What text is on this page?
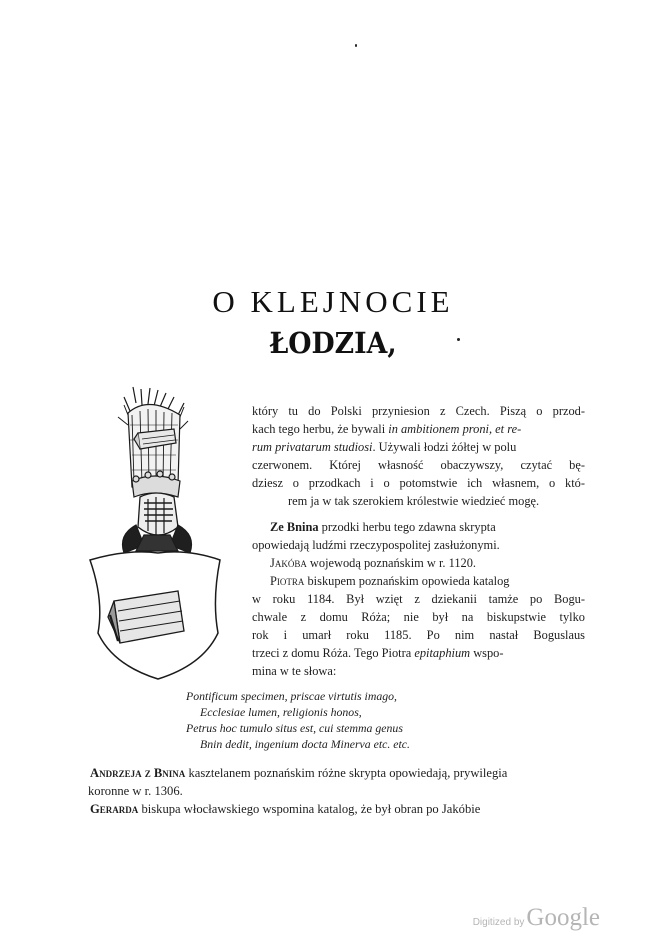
O KLEJNOCIE
ŁODZIA,
który tu do Polski przyniesion z Czech. Piszą o przod-
kach tego herbu, że bywali in ambitionem proni, et re-
rum privatarum studiosi. Używali łodzi żółtej w polu
czerwonem. Której własność obaczywszy, czytać bę-
dziesz o przodkach i o potomstwie ich własnem, o któ-
rem ja w tak szerokiem królestwie wiedzieć mogę.
Ze Bnina przodki herbu tego zdawna skrypta
opowiedają ludźmi rzeczypospolitej zasłużonymi.
Jakóba wojewodą poznańskim w r. 1120.
Piotra biskupem poznańskim opowieda katalog
w roku 1184. Był wzięt z dziekanii tamże po Bogu-
chwale z domu Róża; nie był na biskupstwie tylko
rok i umarł roku 1185. Po nim nastał Boguslaus
trzeci z domu Róża. Tego Piotra epitaphium wspo-
mina w te słowa:
Pontificum specimen, priscae virtutis imago,
Ecclesiae lumen, religionis honos,
Petrus hoc tumulo situs est, cui stemma genus
Bnin dedit, ingenium docta Minerva etc. etc.
Andrzeja z Bnina kasztelanem poznańskim różne skrypta opowiedają, prywilegia
koronne w r. 1306.
Gerarda biskupa włocławskiego wspomina katalog, że był obran po Jakóbie
Digitized byGoogle
